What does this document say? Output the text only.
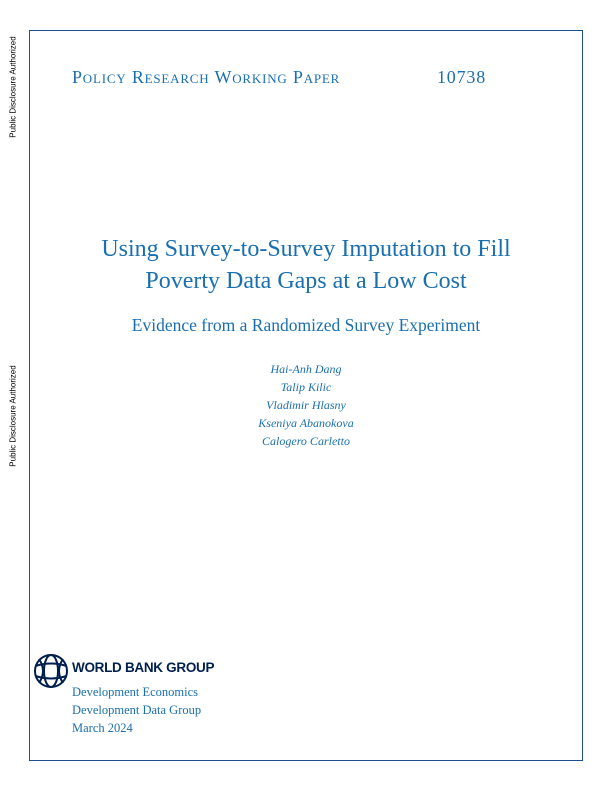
Public Disclosure Authorized
Public Disclosure Authorized
Policy Research Working Paper	10738
Using Survey-to-Survey Imputation to Fill
Poverty Data Gaps at a Low Cost
Evidence from a Randomized Survey Experiment
Hai-Anh Dang
Talip Kilic
Vladimir Hlasny
Kseniya Abanokova
Calogero Carletto
WORLD BANK GROUP
Development Economics
Development Data Group
March 2024
